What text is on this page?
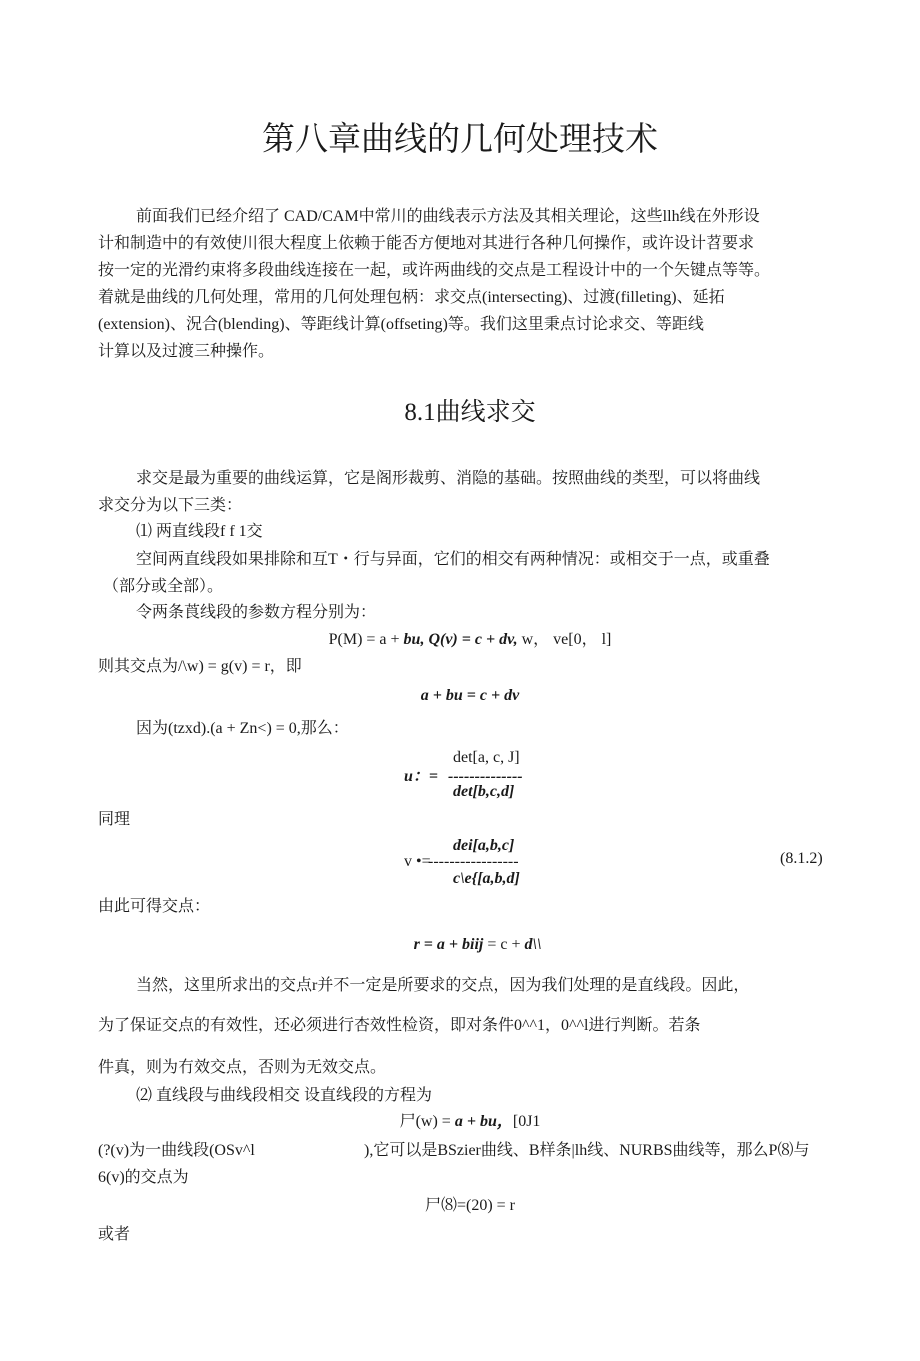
第八章曲线的几何处理技术
前面我们已经介绍了 CAD/CAM中常川的曲线表示方法及其相关理论，这些llh线在外形设
计和制造中的有效使川很大程度上依赖于能否方便地对其进行各种几何操作，或许设计苕要求
按一定的光滑约束将多段曲线连接在一起，或许两曲线的交点是工程设计中的一个矢键点等等。
着就是曲线的几何处理，常用的几何处理包柄：求交点(intersecting)、过渡(filleting)、延拓
(extension)、況合(blending)、等距线计算(offseting)等。我们这里秉点讨论求交、等距线
计算以及过渡三种操作。
8.1曲线求交
求交是最为重要的曲线运算，它是阁形裁剪、消隐的基础。按照曲线的类型，可以将曲线
求交分为以下三类：
⑴ 两直线段f f 1交
空间两直线段如果排除和互T・行与异面，它们的相交有两种情况：或相交于一点，或重叠
（部分或全部）。
令两条莨线段的参数方程分别为：
P(M) = a + bu, Q(v) = c + dv, w， ve[0， l]
则其交点为/\w) = g(v) = r，即
a + bu = c + dv
因为(tzxd).(a + Zn<) = 0,那么：
det[a, c, J]
u：= --------------
det[b,c,d]
同理
dei[a,b,c]
v •=
-----------------	(8.1.2)
c\e{[a,b,d]
由此可得交点：
r = a + biij = c + d\\
当然，这里所求出的交点r并不一定是所要求的交点，因为我们处理的是直线段。因此，
为了保证交点的有效性，还必须进行杏效性检资，即对条件0^^1，0^^l进行判断。若条
件真，则为冇效交点，否则为无效交点。
⑵ 直线段与曲线段相交 设直线段的方程为
尸(w) = a + bu，[0J1
(?(v)为一曲线段(OSv^l	),它可以是BSzier曲线、B样条|lh线、NURBS曲线等，那么P⑻与
6(v)的交点为
尸⑻=(20) = r
或者
